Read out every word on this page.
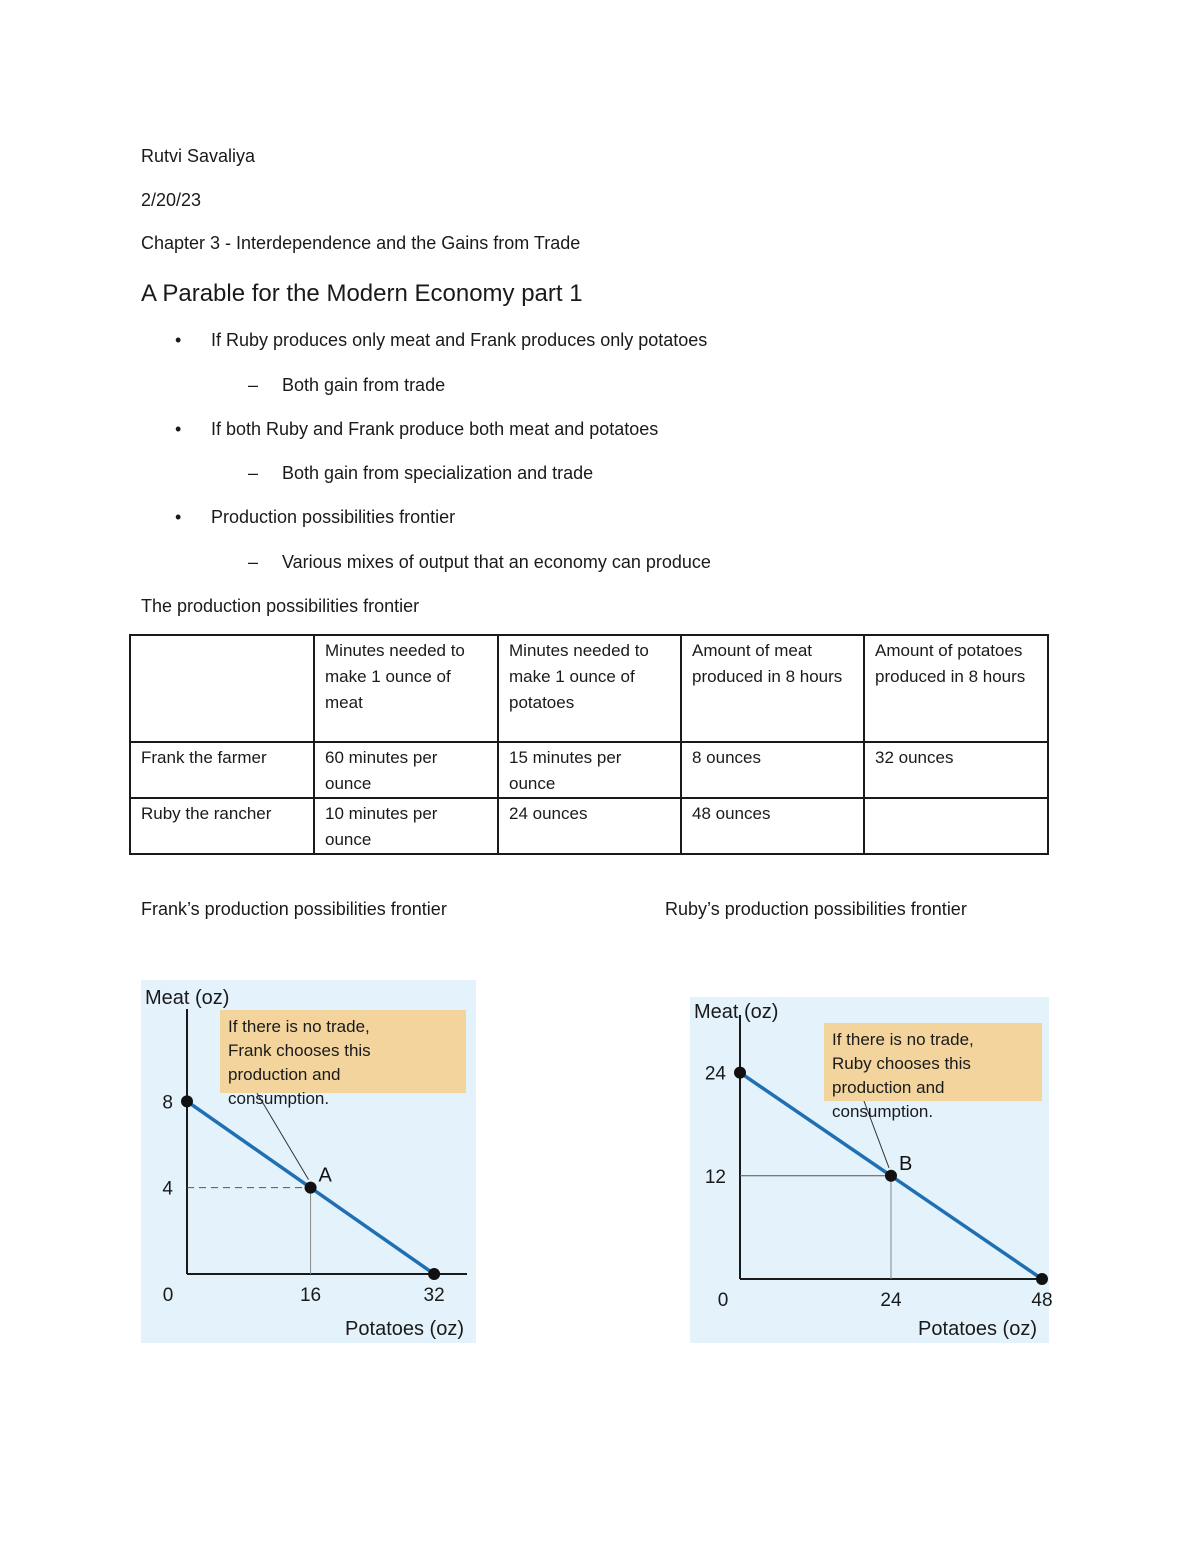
Rutvi Savaliya
2/20/23
Chapter 3 - Interdependence and the Gains from Trade
A Parable for the Modern Economy part 1
• If Ruby produces only meat and Frank produces only potatoes
– Both gain from trade
• If both Ruby and Frank produce both meat and potatoes
– Both gain from specialization and trade
• Production possibilities frontier
– Various mixes of output that an economy can produce
The production possibilities frontier
	Minutes needed to make 1 ounce of meat	Minutes needed to make 1 ounce of potatoes	Amount of meat produced in 8 hours	Amount of potatoes produced in 8 hours
Frank the farmer	60 minutes per ounce	15 minutes per ounce	8 ounces	32 ounces
Ruby the rancher	10 minutes per ounce	24 ounces	48 ounces	
Frank’s production possibilities frontier	Ruby’s production possibilities frontier
A
If there is no trade,
Frank chooses this
production and
consumption.
Meat (oz)
Potatoes (oz)
0	16	32
4
8
B
If there is no trade,
Ruby chooses this
production and
consumption.
Meat (oz)
Potatoes (oz)
0	24	48
12
24
